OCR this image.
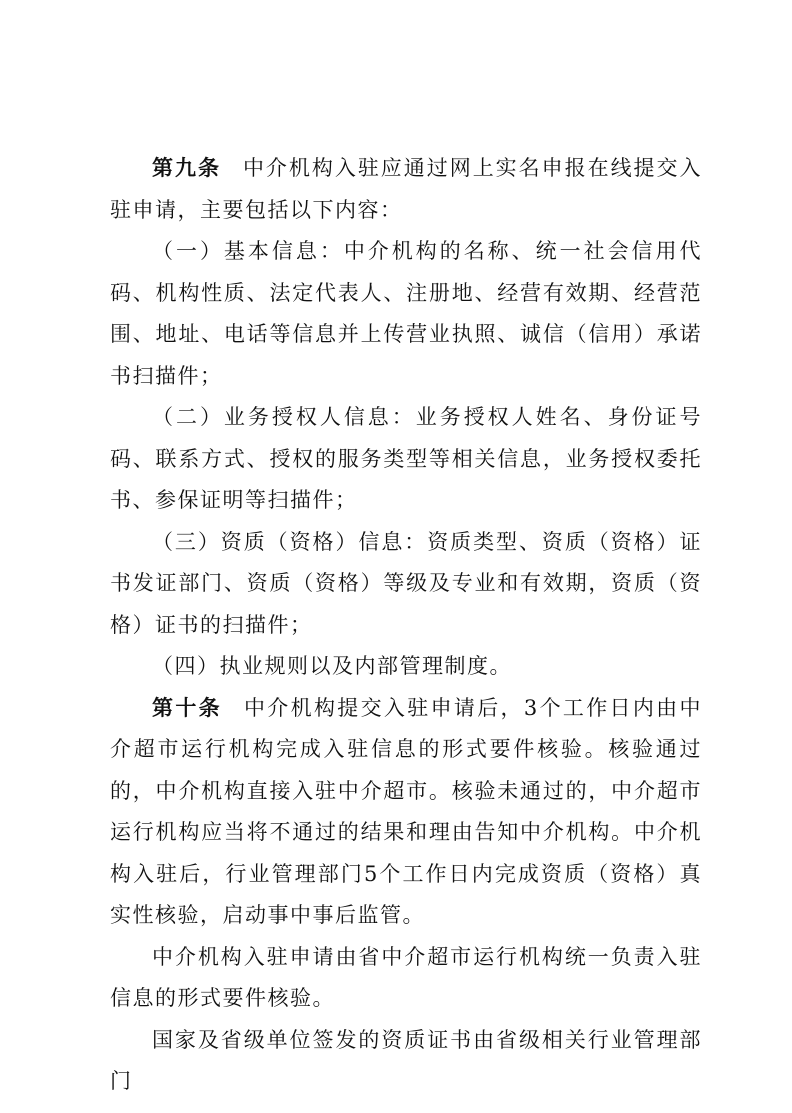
第九条 中介机构入驻应通过网上实名申报在线提交入驻申请，主要包括以下内容：

（一）基本信息：中介机构的名称、统一社会信用代码、机构性质、法定代表人、注册地、经营有效期、经营范围、地址、电话等信息并上传营业执照、诚信（信用）承诺书扫描件；

（二）业务授权人信息：业务授权人姓名、身份证号码、联系方式、授权的服务类型等相关信息，业务授权委托书、参保证明等扫描件；

（三）资质（资格）信息：资质类型、资质（资格）证书发证部门、资质（资格）等级及专业和有效期，资质（资格）证书的扫描件；

（四）执业规则以及内部管理制度。

第十条 中介机构提交入驻申请后，3个工作日内由中介超市运行机构完成入驻信息的形式要件核验。核验通过的，中介机构直接入驻中介超市。核验未通过的，中介超市运行机构应当将不通过的结果和理由告知中介机构。中介机构入驻后，行业管理部门5个工作日内完成资质（资格）真实性核验，启动事中事后监管。

中介机构入驻申请由省中介超市运行机构统一负责入驻信息的形式要件核验。

国家及省级单位签发的资质证书由省级相关行业管理部门
